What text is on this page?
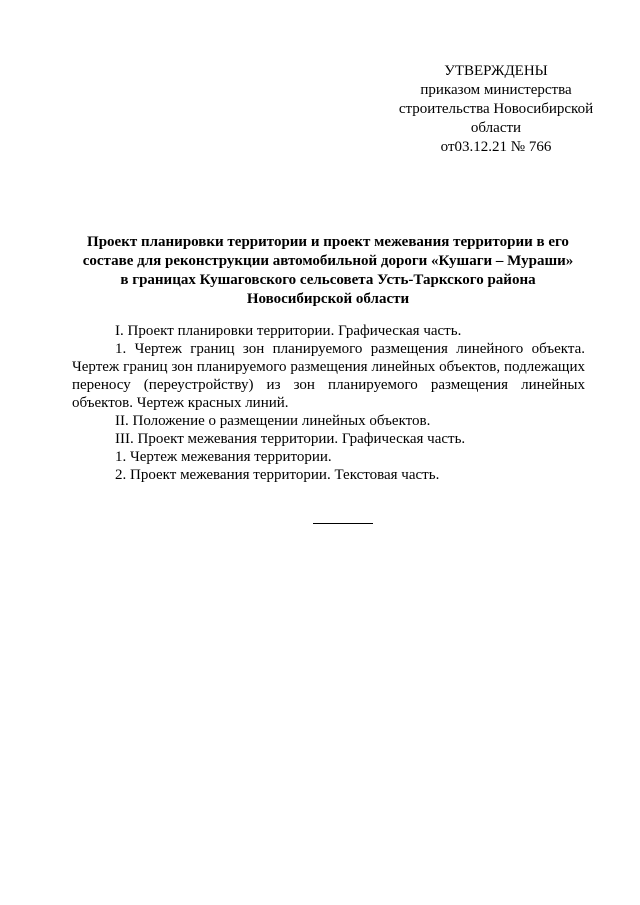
УТВЕРЖДЕНЫ
приказом министерства
строительства Новосибирской
области
от03.12.21 № 766
Проект планировки территории и проект межевания территории в его составе для реконструкции автомобильной дороги «Кушаги – Мураши» в границах Кушаговского сельсовета Усть-Таркского района Новосибирской области

I. Проект планировки территории. Графическая часть.

1. Чертеж границ зон планируемого размещения линейного объекта. Чертеж границ зон планируемого размещения линейных объектов, подлежащих переносу (переустройству) из зон планируемого размещения линейных объектов. Чертеж красных линий.

II. Положение о размещении линейных объектов.

III. Проект межевания территории. Графическая часть.

1. Чертеж межевания территории.

2. Проект межевания территории. Текстовая часть.
